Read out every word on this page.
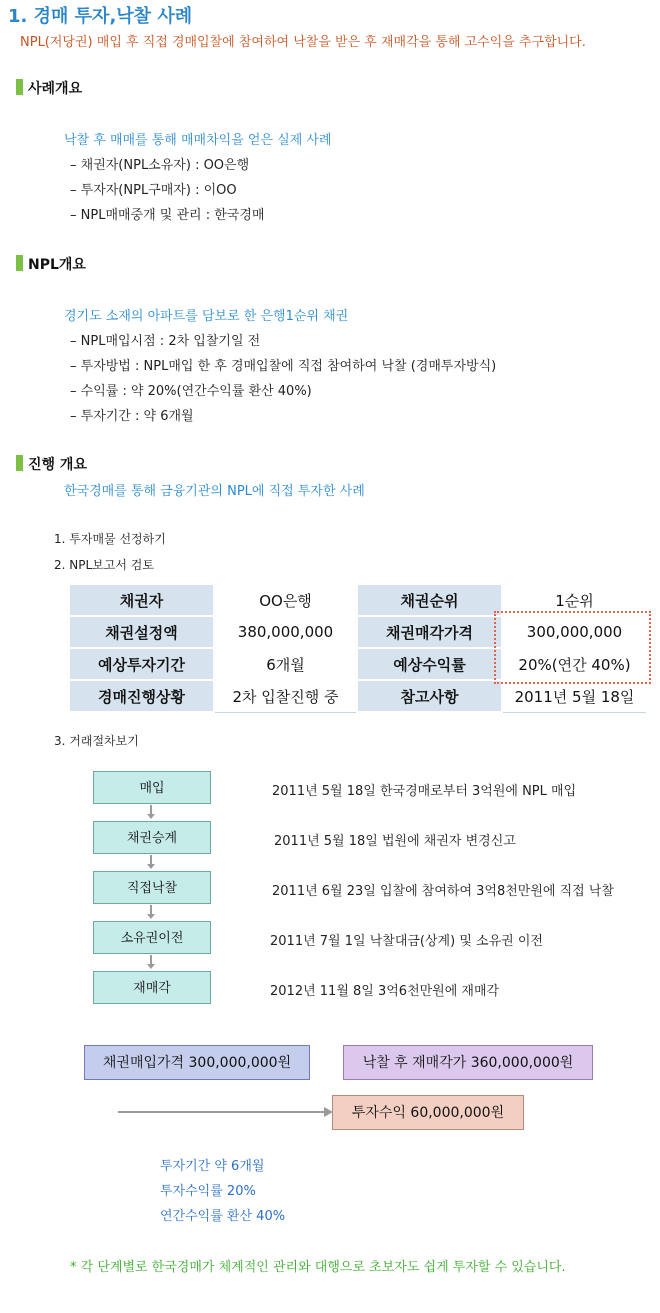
1. 경매 투자,낙찰 사례
NPL(저당권) 매입 후 직접 경매입찰에 참여하여 낙찰을 받은 후 재매각을 통해 고수익을 추구합니다.
사례개요
낙찰 후 매매를 통해 매매차익을 얻은 실제 사례
– 채권자(NPL소유자) : OO은행
– 투자자(NPL구매자) : 이OO
– NPL매매중개 및 관리 : 한국경매
NPL개요
경기도 소재의 아파트를 담보로 한 은행1순위 채권
– NPL매입시점 : 2차 입찰기일 전
– 투자방법 : NPL매입 한 후 경매입찰에 직접 참여하여 낙찰 (경매투자방식)
– 수익률 : 약 20%(연간수익률 환산 40%)
– 투자기간 : 약 6개월
진행 개요
한국경매를 통해 금융기관의 NPL에 직접 투자한 사례
1. 투자매물 선정하기
2. NPL보고서 검토
채권자	OO은행	채권순위	1순위
채권설정액	380,000,000	채권매각가격	300,000,000
예상투자기간	6개월	예상수익률	20%(연간 40%)
경매진행상황	2차 입찰진행 중	참고사항	2011년 5월 18일
3. 거래절차보기
매입
채권승계
직접낙찰
소유권이전
재매각
2011년 5월 18일 한국경매로부터 3억원에 NPL 매입
2011년 5월 18일 법원에 채권자 변경신고
2011년 6월 23일 입찰에 참여하여 3억8천만원에 직접 낙찰
2011년 7월 1일 낙찰대금(상계) 및 소유권 이전
2012년 11월 8일 3억6천만원에 재매각
채권매입가격 300,000,000원	낙찰 후 재매각가 360,000,000원
투자수익 60,000,000원
투자기간 약 6개월
투자수익률 20%
연간수익률 환산 40%
* 각 단계별로 한국경매가 체계적인 관리와 대행으로 초보자도 쉽게 투자할 수 있습니다.
